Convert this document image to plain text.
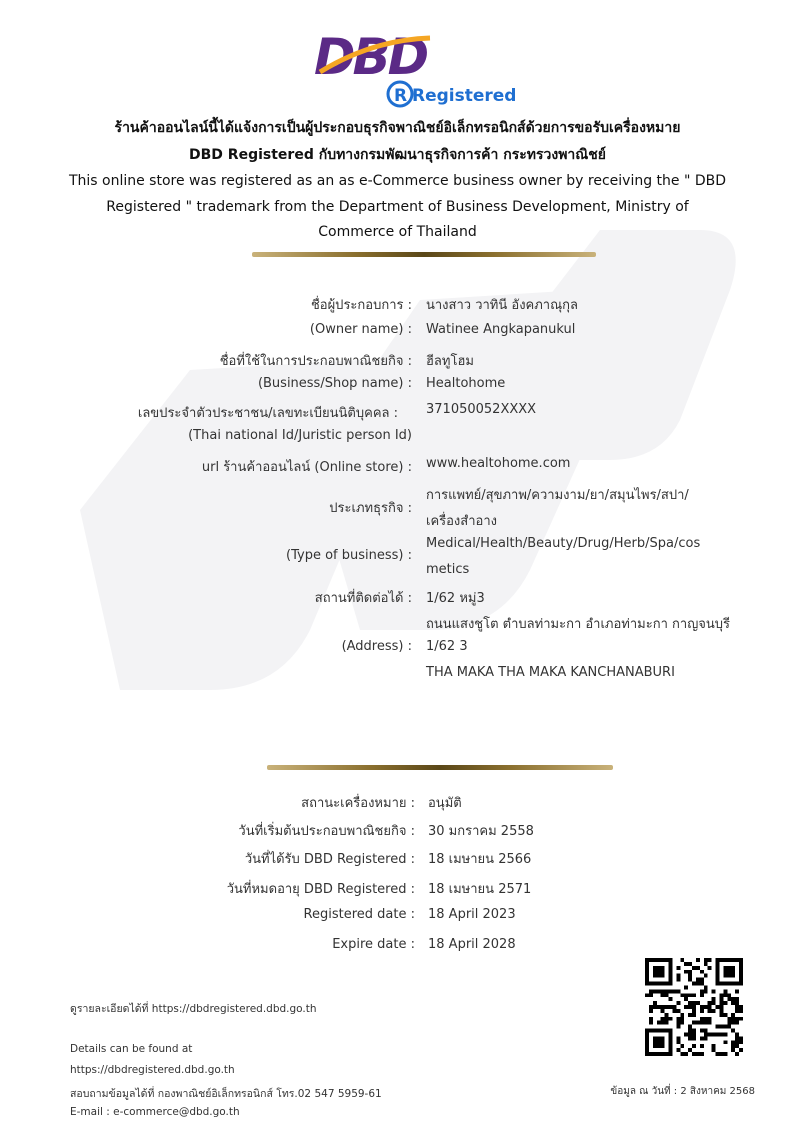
DBD
R Registered
ร้านค้าออนไลน์นี้ได้แจ้งการเป็นผู้ประกอบธุรกิจพาณิชย์อิเล็กทรอนิกส์ด้วยการขอรับเครื่องหมาย
DBD Registered กับทางกรมพัฒนาธุรกิจการค้า กระทรวงพาณิชย์
This online store was registered as an as e-Commerce business owner by receiving the " DBD
Registered " trademark from the Department of Business Development, Ministry of
Commerce of Thailand
ชื่อผู้ประกอบการ : นางสาว วาทินี อังคภาณุกุล
(Owner name) : Watinee Angkapanukul
ชื่อที่ใช้ในการประกอบพาณิชยกิจ : ฮีลทูโฮม
(Business/Shop name) : Healtohome
เลขประจำตัวประชาชน/เลขทะเบียนนิติบุคคล : 371050052XXXX
(Thai national Id/Juristic person Id)
url ร้านค้าออนไลน์ (Online store) : www.healtohome.com
การแพทย์/สุขภาพ/ความงาม/ยา/สมุนไพร/สปา/
ประเภทธุรกิจ :
เครื่องสำอาง
Medical/Health/Beauty/Drug/Herb/Spa/cos
(Type of business) :
metics
สถานที่ติดต่อได้ : 1/62 หมู่3
ถนนแสงชูโต ตำบลท่ามะกา อำเภอท่ามะกา กาญจนบุรี
(Address) : 1/62 3
THA MAKA THA MAKA KANCHANABURI
สถานะเครื่องหมาย : อนุมัติ
วันที่เริ่มต้นประกอบพาณิชยกิจ : 30 มกราคม 2558
วันที่ได้รับ DBD Registered : 18 เมษายน 2566
วันที่หมดอายุ DBD Registered : 18 เมษายน 2571
Registered date : 18 April 2023
Expire date : 18 April 2028
ดูรายละเอียดได้ที่ https://dbdregistered.dbd.go.th
Details can be found at
https://dbdregistered.dbd.go.th
สอบถามข้อมูลได้ที่ กองพาณิชย์อิเล็กทรอนิกส์ โทร.02 547 5959-61
E-mail : e-commerce@dbd.go.th
ข้อมูล ณ วันที่ : 2 สิงหาคม 2568
